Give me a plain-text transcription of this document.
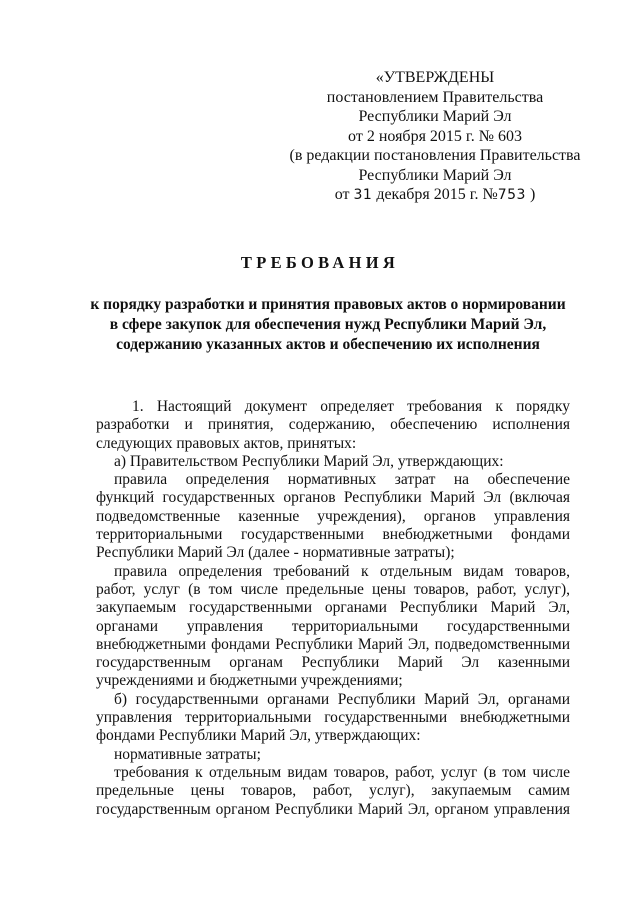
«УТВЕРЖДЕНЫ
постановлением Правительства
Республики Марий Эл
от 2 ноября 2015 г. № 603
(в редакции постановления Правительства
Республики Марий Эл
от 31 декабря 2015 г. №753 )
ТРЕБОВАНИЯ
к порядку разработки и принятия правовых актов о нормировании
в сфере закупок для обеспечения нужд Республики Марий Эл,
содержанию указанных актов и обеспечению их исполнения
1. Настоящий документ определяет требования к порядку
разработки и принятия, содержанию, обеспечению исполнения
следующих правовых актов, принятых:
а) Правительством Республики Марий Эл, утверждающих:
правила определения нормативных затрат на обеспечение
функций государственных органов Республики Марий Эл (включая
подведомственные казенные учреждения), органов управления
территориальными государственными внебюджетными фондами
Республики Марий Эл (далее - нормативные затраты);
правила определения требований к отдельным видам товаров,
работ, услуг (в том числе предельные цены товаров, работ, услуг),
закупаемым государственными органами Республики Марий Эл,
органами управления территориальными государственными
внебюджетными фондами Республики Марий Эл, подведомственными
государственным органам Республики Марий Эл казенными
учреждениями и бюджетными учреждениями;
б) государственными органами Республики Марий Эл, органами
управления территориальными государственными внебюджетными
фондами Республики Марий Эл, утверждающих:
нормативные затраты;
требования к отдельным видам товаров, работ, услуг (в том числе
предельные цены товаров, работ, услуг), закупаемым самим
государственным органом Республики Марий Эл, органом управления
